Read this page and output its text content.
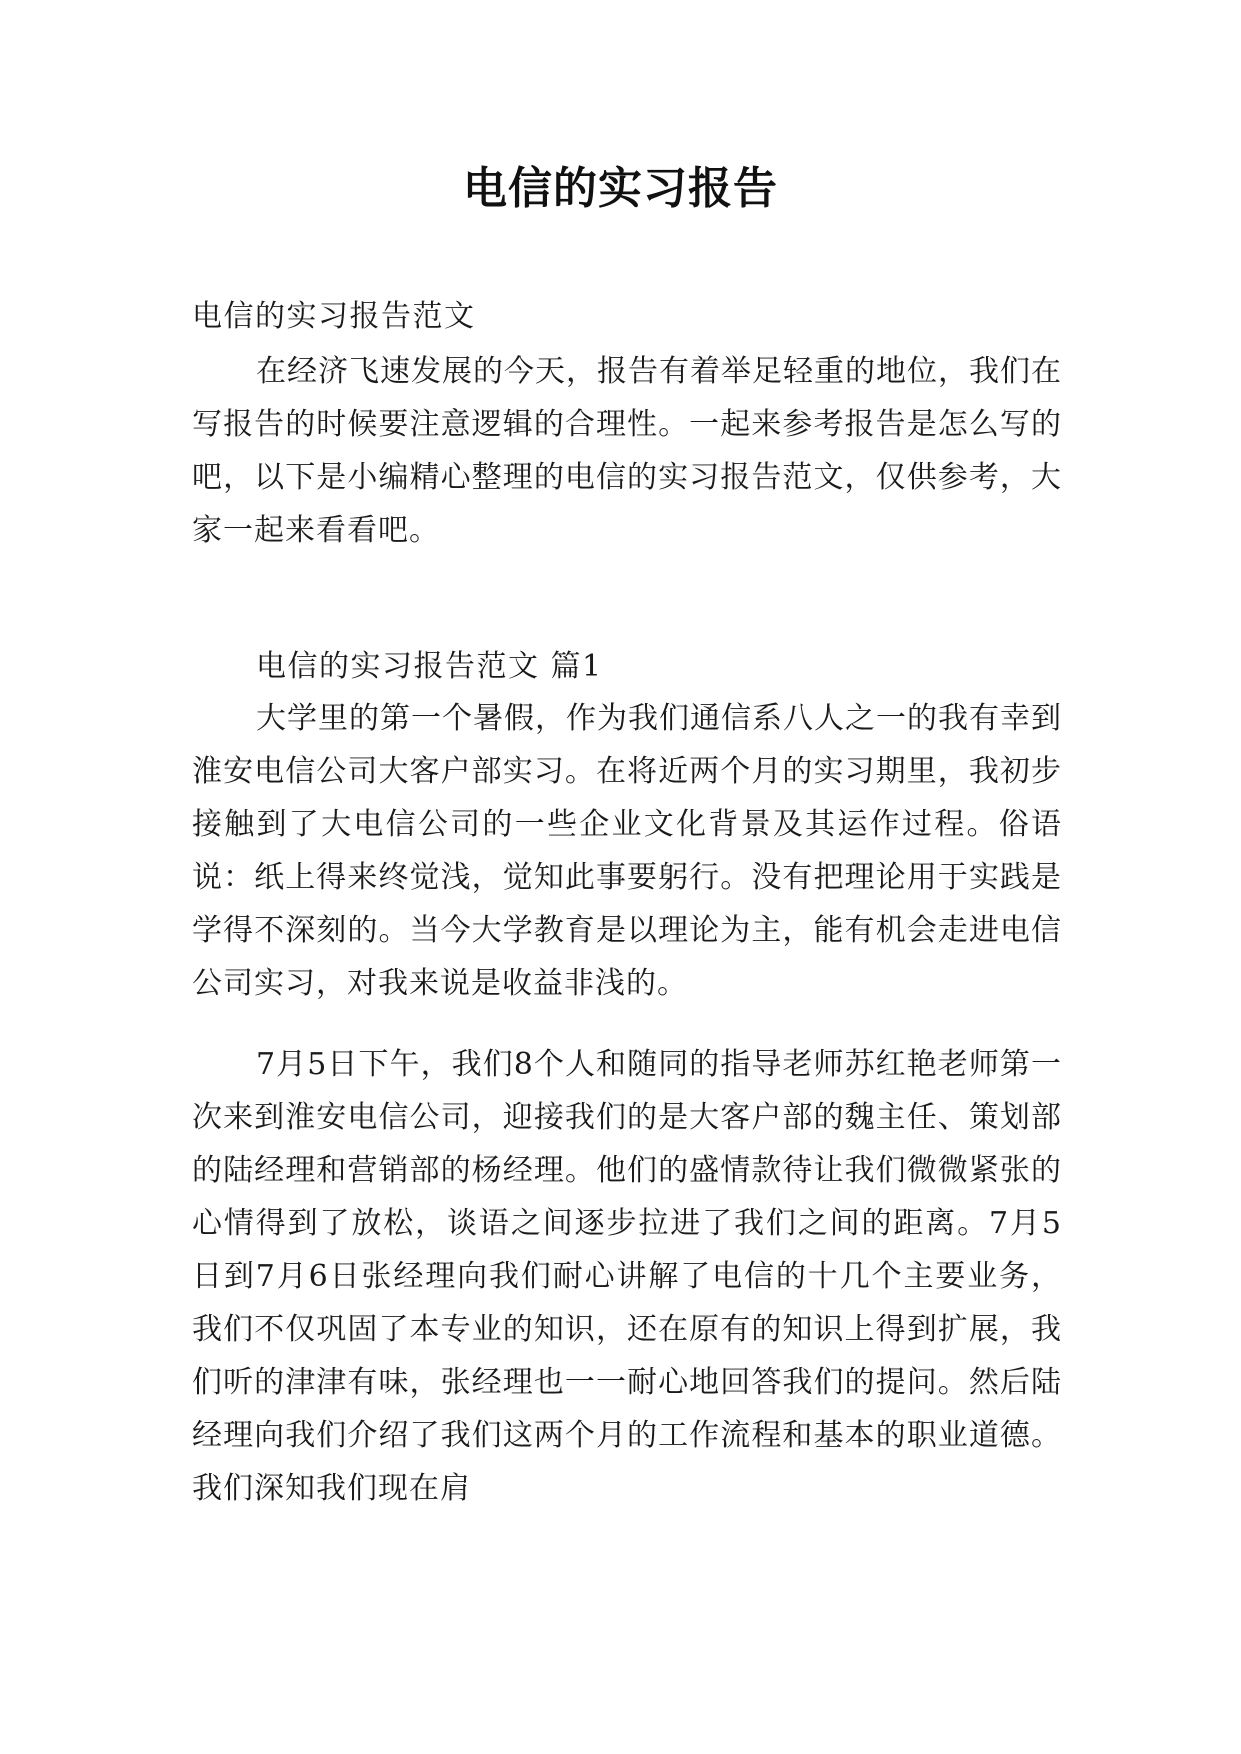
电信的实习报告

电信的实习报告范文

在经济飞速发展的今天，报告有着举足轻重的地位，我们在写报告的时候要注意逻辑的合理性。一起来参考报告是怎么写的吧，以下是小编精心整理的电信的实习报告范文，仅供参考，大家一起来看看吧。

电信的实习报告范文 篇1

大学里的第一个暑假，作为我们通信系八人之一的我有幸到淮安电信公司大客户部实习。在将近两个月的实习期里，我初步接触到了大电信公司的一些企业文化背景及其运作过程。俗语说：纸上得来终觉浅，觉知此事要躬行。没有把理论用于实践是学得不深刻的。当今大学教育是以理论为主，能有机会走进电信公司实习，对我来说是收益非浅的。

7月5日下午，我们8个人和随同的指导老师苏红艳老师第一次来到淮安电信公司，迎接我们的是大客户部的魏主任、策划部的陆经理和营销部的杨经理。他们的盛情款待让我们微微紧张的心情得到了放松，谈语之间逐步拉进了我们之间的距离。7月5日到7月6日张经理向我们耐心讲解了电信的十几个主要业务，我们不仅巩固了本专业的知识，还在原有的知识上得到扩展，我们听的津津有味，张经理也一一耐心地回答我们的提问。然后陆经理向我们介绍了我们这两个月的工作流程和基本的职业道德。我们深知我们现在肩
